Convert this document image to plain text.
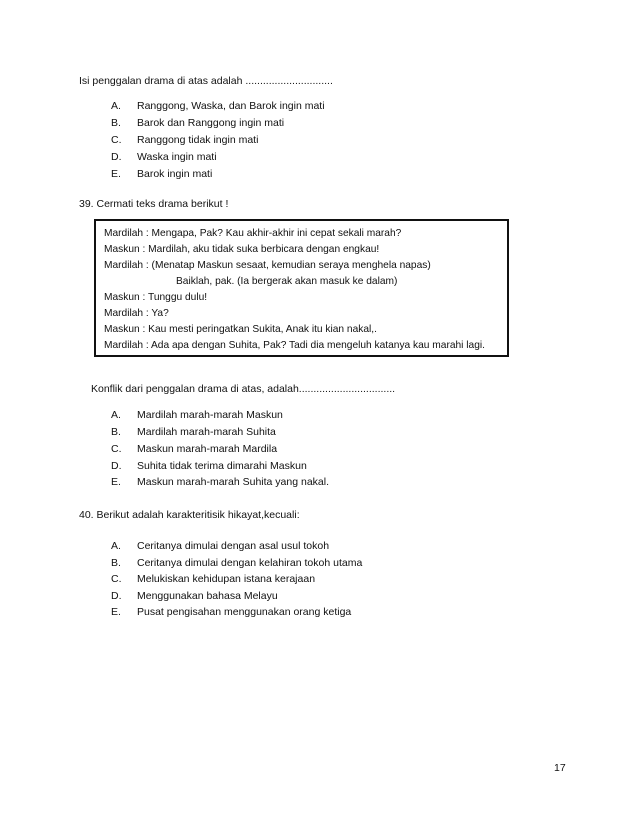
Isi penggalan drama di atas adalah ..............................
A. Ranggong, Waska, dan Barok ingin mati
B. Barok dan Ranggong ingin mati
C. Ranggong tidak ingin mati
D. Waska ingin mati
E. Barok ingin mati
39. Cermati teks drama berikut !
Mardilah : Mengapa, Pak? Kau akhir-akhir ini cepat sekali marah?
Maskun : Mardilah, aku tidak suka berbicara dengan engkau!
Mardilah : (Menatap Maskun sesaat, kemudian seraya menghela napas)
Baiklah, pak. (Ia bergerak akan masuk ke dalam)
Maskun : Tunggu dulu!
Mardilah : Ya?
Maskun : Kau mesti peringatkan Sukita, Anak itu kian nakal,.
Mardilah : Ada apa dengan Suhita, Pak? Tadi dia mengeluh katanya kau marahi lagi.
Konflik dari penggalan drama di atas, adalah.................................
A. Mardilah marah-marah Maskun
B. Mardilah marah-marah Suhita
C. Maskun marah-marah Mardila
D. Suhita tidak terima dimarahi Maskun
E. Maskun marah-marah Suhita yang nakal.
40. Berikut adalah karakteritisik hikayat,kecuali:
A. Ceritanya dimulai dengan asal usul tokoh
B. Ceritanya dimulai dengan kelahiran tokoh utama
C. Melukiskan kehidupan istana kerajaan
D. Menggunakan bahasa Melayu
E. Pusat pengisahan menggunakan orang ketiga
17
